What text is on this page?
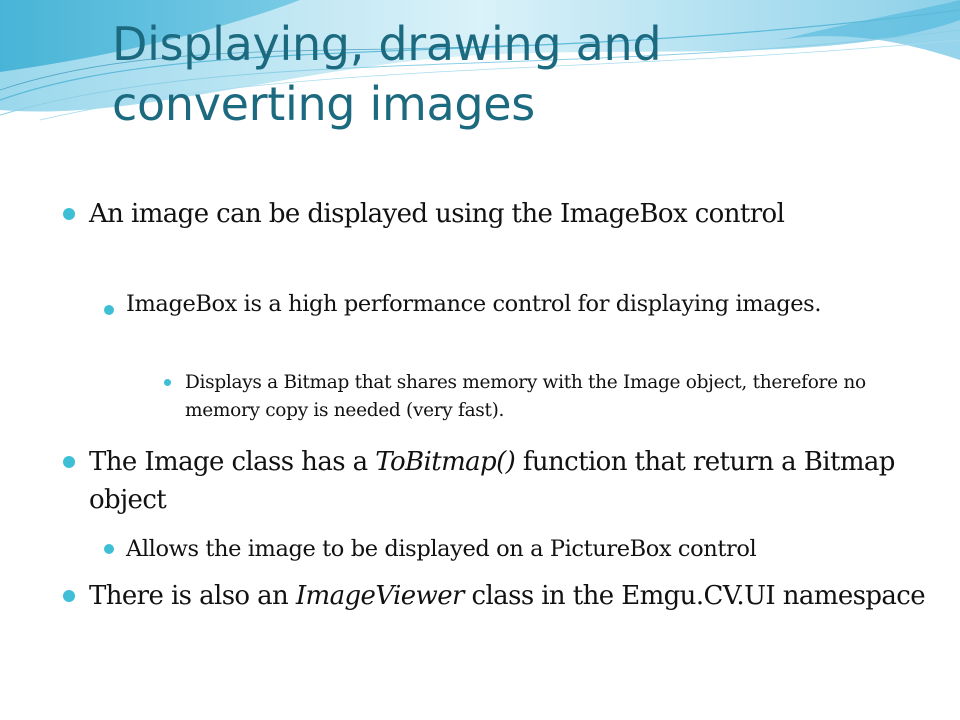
Displaying, drawing and
converting images

An image can be displayed using the ImageBox control

ImageBox is a high performance control for displaying images.

Displays a Bitmap that shares memory with the Image object, therefore no memory copy is needed (very fast).

The Image class has a ToBitmap() function that return a Bitmap object

Allows the image to be displayed on a PictureBox control

There is also an ImageViewer class in the Emgu.CV.UI namespace
